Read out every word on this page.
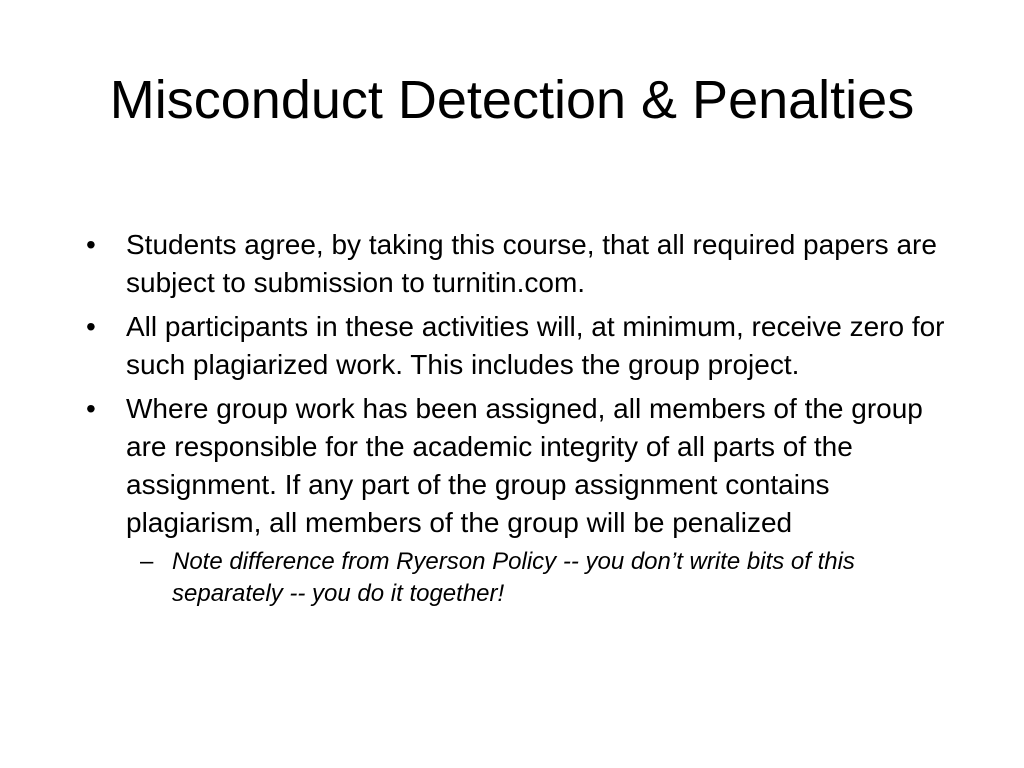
Misconduct Detection & Penalties
•	Students agree, by taking this course, that all required papers are subject to submission to turnitin.com.
•	All participants in these activities will, at minimum, receive zero for such plagiarized work. This includes the group project.
•	Where group work has been assigned, all members of the group are responsible for the academic integrity of all parts of the assignment. If any part of the group assignment contains plagiarism, all members of the group will be penalized
– Note difference from Ryerson Policy -- you don’t write bits of this separately -- you do it together!
